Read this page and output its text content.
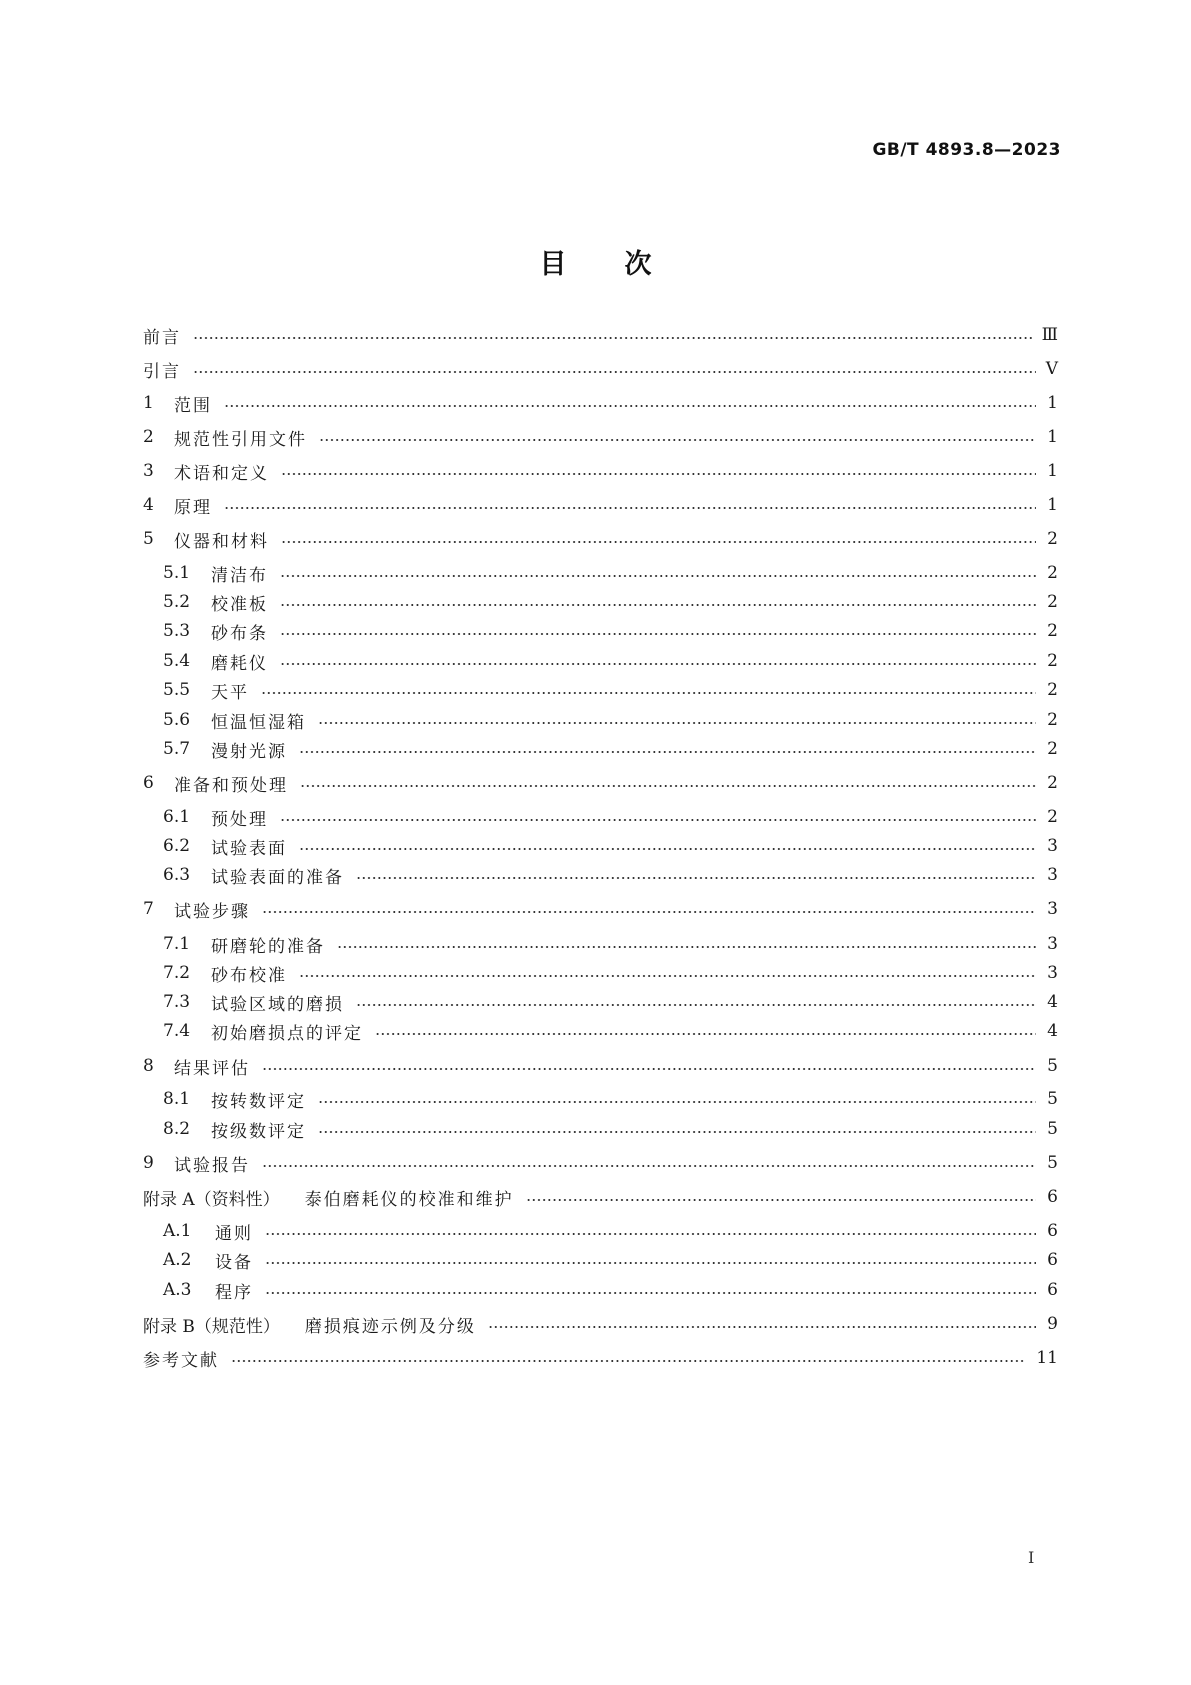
GB/T 4893.8—2023
目次
前言	Ⅲ
引言	Ⅴ
1	范围	1
2	规范性引用文件	1
3	术语和定义	1
4	原理	1
5	仪器和材料	2
5.1	清洁布	2
5.2	校准板	2
5.3	砂布条	2
5.4	磨耗仪	2
5.5	天平	2
5.6	恒温恒湿箱	2
5.7	漫射光源	2
6	准备和预处理	2
6.1	预处理	2
6.2	试验表面	3
6.3	试验表面的准备	3
7	试验步骤	3
7.1	研磨轮的准备	3
7.2	砂布校准	3
7.3	试验区域的磨损	4
7.4	初始磨损点的评定	4
8	结果评估	5
8.1	按转数评定	5
8.2	按级数评定	5
9	试验报告	5
附录 A（资料性） 泰伯磨耗仪的校准和维护	6
A.1	通则	6
A.2	设备	6
A.3	程序	6
附录 B（规范性） 磨损痕迹示例及分级	9
参考文献	11
I
